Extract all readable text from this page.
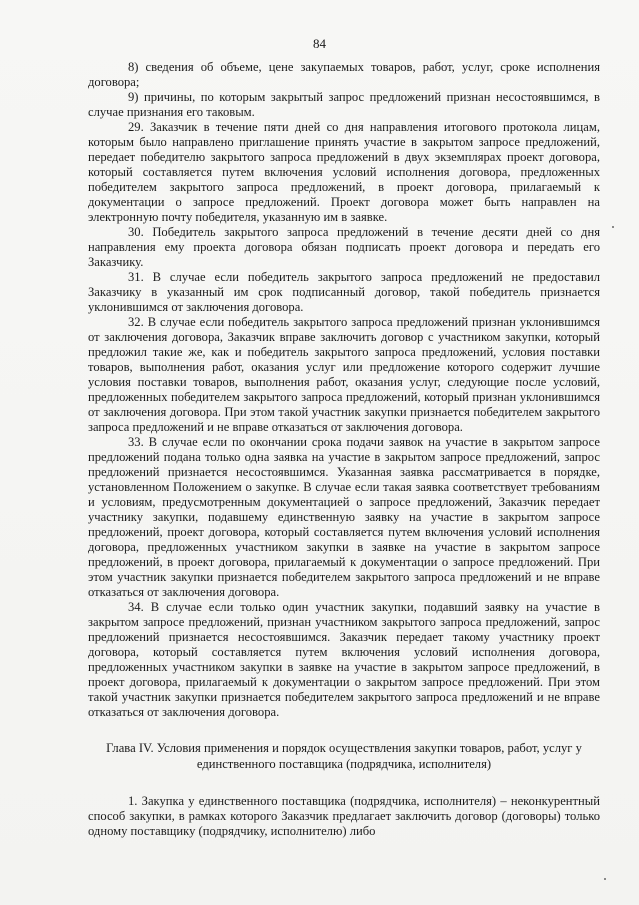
84

8) сведения об объеме, цене закупаемых товаров, работ, услуг, сроке исполнения договора;

9) причины, по которым закрытый запрос предложений признан несостоявшимся, в случае признания его таковым.

29. Заказчик в течение пяти дней со дня направления итогового протокола лицам, которым было направлено приглашение принять участие в закрытом запросе предложений, передает победителю закрытого запроса предложений в двух экземплярах проект договора, который составляется путем включения условий исполнения договора, предложенных победителем закрытого запроса предложений, в проект договора, прилагаемый к документации о запросе предложений. Проект договора может быть направлен на электронную почту победителя, указанную им в заявке.

30. Победитель закрытого запроса предложений в течение десяти дней со дня направления ему проекта договора обязан подписать проект договора и передать его Заказчику.

31. В случае если победитель закрытого запроса предложений не предоставил Заказчику в указанный им срок подписанный договор, такой победитель признается уклонившимся от заключения договора.

32. В случае если победитель закрытого запроса предложений признан уклонившимся от заключения договора, Заказчик вправе заключить договор с участником закупки, который предложил такие же, как и победитель закрытого запроса предложений, условия поставки товаров, выполнения работ, оказания услуг или предложение которого содержит лучшие условия поставки товаров, выполнения работ, оказания услуг, следующие после условий, предложенных победителем закрытого запроса предложений, который признан уклонившимся от заключения договора. При этом такой участник закупки признается победителем закрытого запроса предложений и не вправе отказаться от заключения договора.

33. В случае если по окончании срока подачи заявок на участие в закрытом запросе предложений подана только одна заявка на участие в закрытом запросе предложений, запрос предложений признается несостоявшимся. Указанная заявка рассматривается в порядке, установленном Положением о закупке. В случае если такая заявка соответствует требованиям и условиям, предусмотренным документацией о запросе предложений, Заказчик передает участнику закупки, подавшему единственную заявку на участие в закрытом запросе предложений, проект договора, который составляется путем включения условий исполнения договора, предложенных участником закупки в заявке на участие в закрытом запросе предложений, в проект договора, прилагаемый к документации о запросе предложений. При этом участник закупки признается победителем закрытого запроса предложений и не вправе отказаться от заключения договора.

34. В случае если только один участник закупки, подавший заявку на участие в закрытом запросе предложений, признан участником закрытого запроса предложений, запрос предложений признается несостоявшимся. Заказчик передает такому участнику проект договора, который составляется путем включения условий исполнения договора, предложенных участником закупки в заявке на участие в закрытом запросе предложений, в проект договора, прилагаемый к документации о закрытом запросе предложений. При этом такой участник закупки признается победителем закрытого запроса предложений и не вправе отказаться от заключения договора.

Глава IV. Условия применения и порядок осуществления закупки товаров, работ, услуг у единственного поставщика (подрядчика, исполнителя)

1. Закупка у единственного поставщика (подрядчика, исполнителя) – неконкурентный способ закупки, в рамках которого Заказчик предлагает заключить договор (договоры) только одному поставщику (подрядчику, исполнителю) либо
